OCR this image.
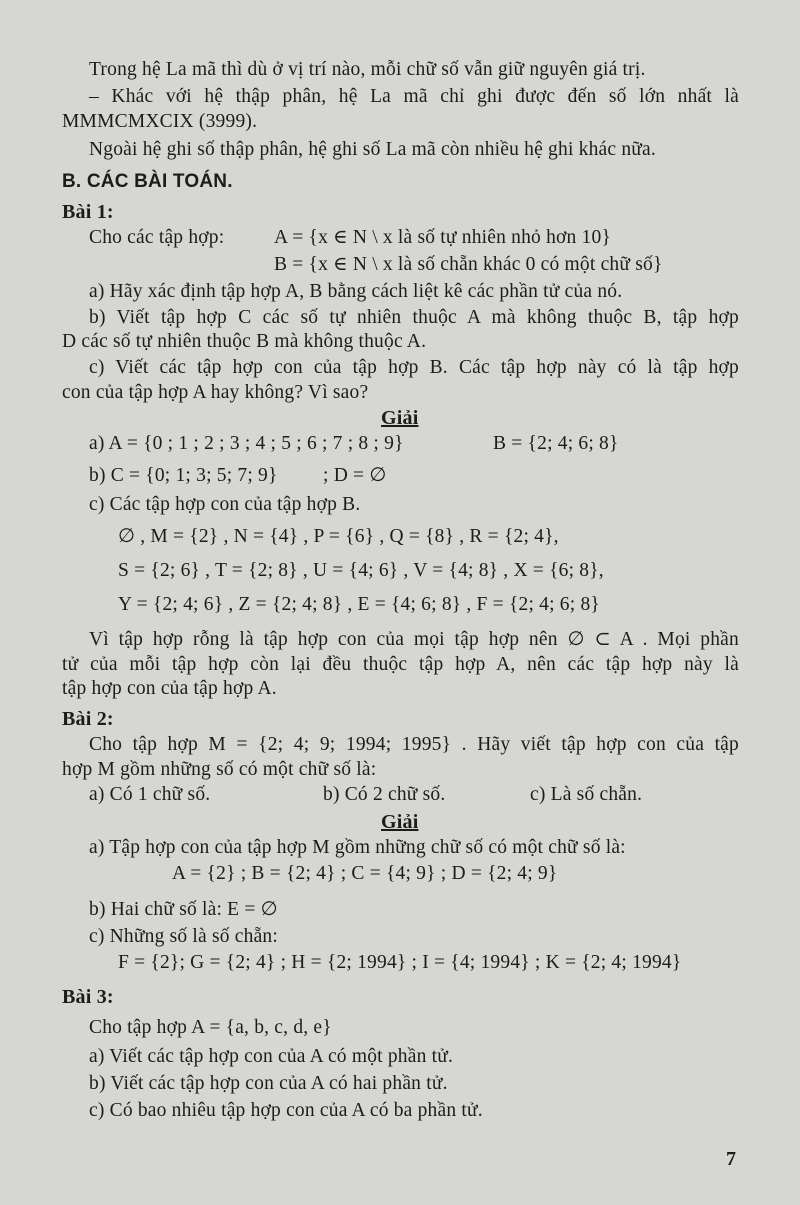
Trong hệ La mã thì dù ở vị trí nào, mỗi chữ số vẫn giữ nguyên giá trị.
– Khác với hệ thập phân, hệ La mã chỉ ghi được đến số lớn nhất là
MMMCMXCIX (3999).
Ngoài hệ ghi số thập phân, hệ ghi số La mã còn nhiều hệ ghi khác nữa.
B. CÁC BÀI TOÁN.
Bài 1:
Cho các tập hợp:	A = {x ∈ N \ x là số tự nhiên nhỏ hơn 10}
B = {x ∈ N \ x là số chẵn khác 0 có một chữ số}
a) Hãy xác định tập hợp A, B bằng cách liệt kê các phần tử của nó.
b) Viết tập hợp C các số tự nhiên thuộc A mà không thuộc B, tập hợp
D các số tự nhiên thuộc B mà không thuộc A.
c) Viết các tập hợp con của tập hợp B. Các tập hợp này có là tập hợp
con của tập hợp A hay không? Vì sao?
Giải
a) A = {0 ; 1 ; 2 ; 3 ; 4 ; 5 ; 6 ; 7 ; 8 ; 9}	B = {2; 4; 6; 8}
b) C = {0; 1; 3; 5; 7; 9} ; D = ∅
c) Các tập hợp con của tập hợp B.
∅ , M = {2} , N = {4} , P = {6} , Q = {8} , R = {2; 4},
S = {2; 6} , T = {2; 8} , U = {4; 6} , V = {4; 8} , X = {6; 8},
Y = {2; 4; 6} , Z = {2; 4; 8} , E = {4; 6; 8} , F = {2; 4; 6; 8}
Vì tập hợp rỗng là tập hợp con của mọi tập hợp nên ∅ ⊂ A . Mọi phần
tử của mỗi tập hợp còn lại đều thuộc tập hợp A, nên các tập hợp này là
tập hợp con của tập hợp A.
Bài 2:
Cho tập hợp M = {2; 4; 9; 1994; 1995} . Hãy viết tập hợp con của tập
hợp M gồm những số có một chữ số là:
a) Có 1 chữ số.	b) Có 2 chữ số.	c) Là số chẵn.
Giải
a) Tập hợp con của tập hợp M gồm những chữ số có một chữ số là:
A = {2} ; B = {2; 4} ; C = {4; 9} ; D = {2; 4; 9}
b) Hai chữ số là: E = ∅
c) Những số là số chẵn:
F = {2}; G = {2; 4} ; H = {2; 1994} ; I = {4; 1994} ; K = {2; 4; 1994}
Bài 3:
Cho tập hợp A = {a, b, c, d, e}
a) Viết các tập hợp con của A có một phần tử.
b) Viết các tập hợp con của A có hai phần tử.
c) Có bao nhiêu tập hợp con của A có ba phần tử.
7
